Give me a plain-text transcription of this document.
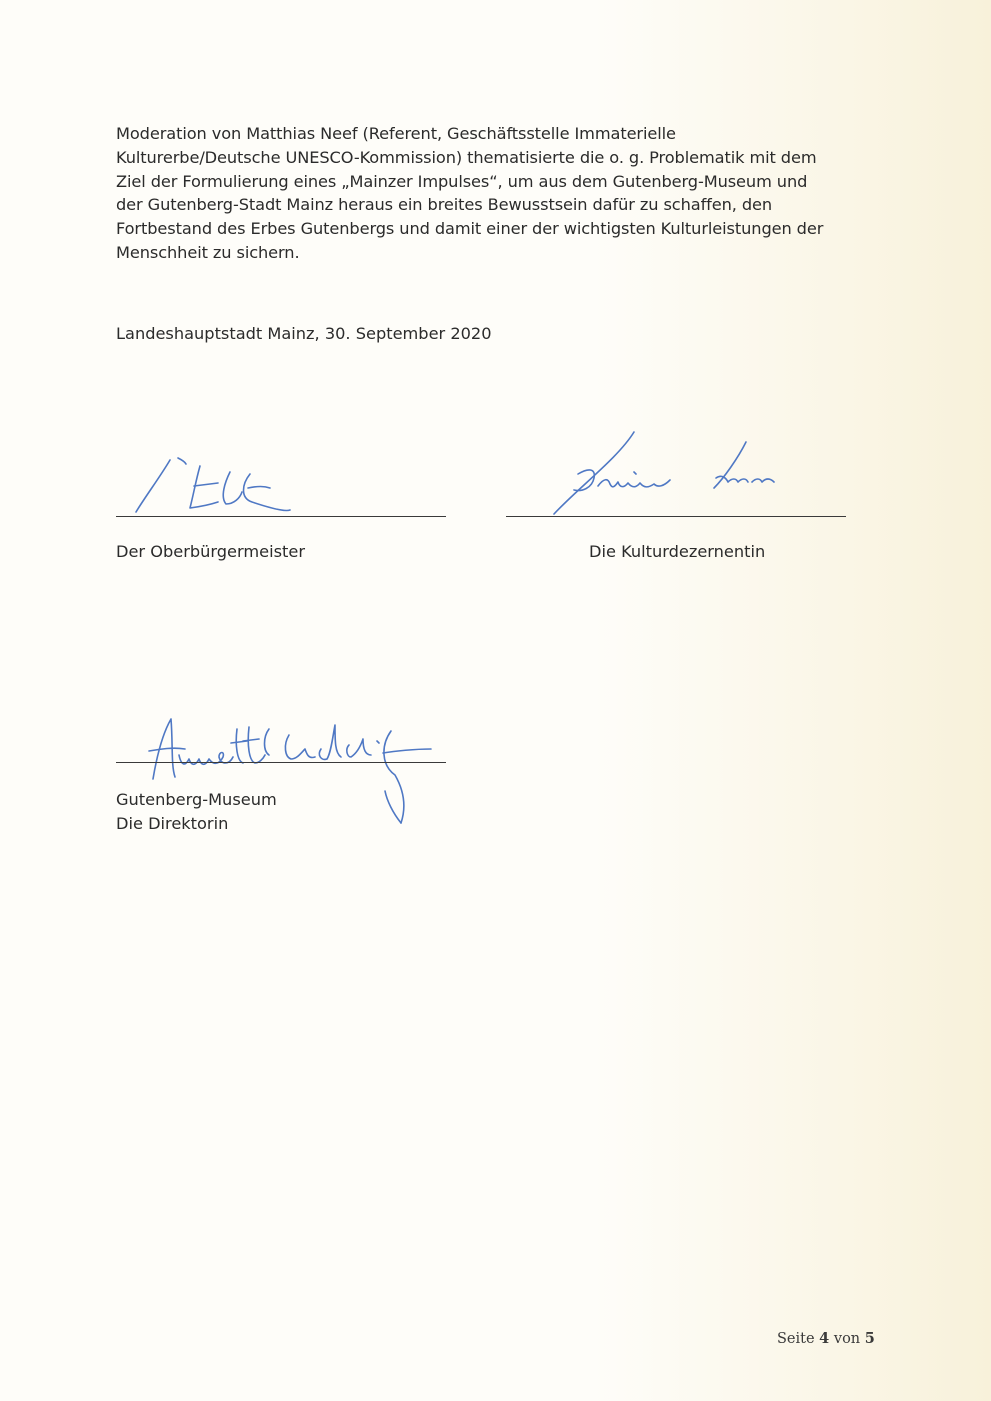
Moderation von Matthias Neef (Referent, Geschäftsstelle Immaterielle
Kulturerbe/Deutsche UNESCO-Kommission) thematisierte die o. g. Problematik mit dem
Ziel der Formulierung eines „Mainzer Impulses“, um aus dem Gutenberg-Museum und
der Gutenberg-Stadt Mainz heraus ein breites Bewusstsein dafür zu schaffen, den
Fortbestand des Erbes Gutenbergs und damit einer der wichtigsten Kulturleistungen der
Menschheit zu sichern.

Landeshauptstadt Mainz, 30. September 2020

Der Oberbürgermeister	Die Kulturdezernentin

Gutenberg-Museum

Die Direktorin

Seite 4 von 5
